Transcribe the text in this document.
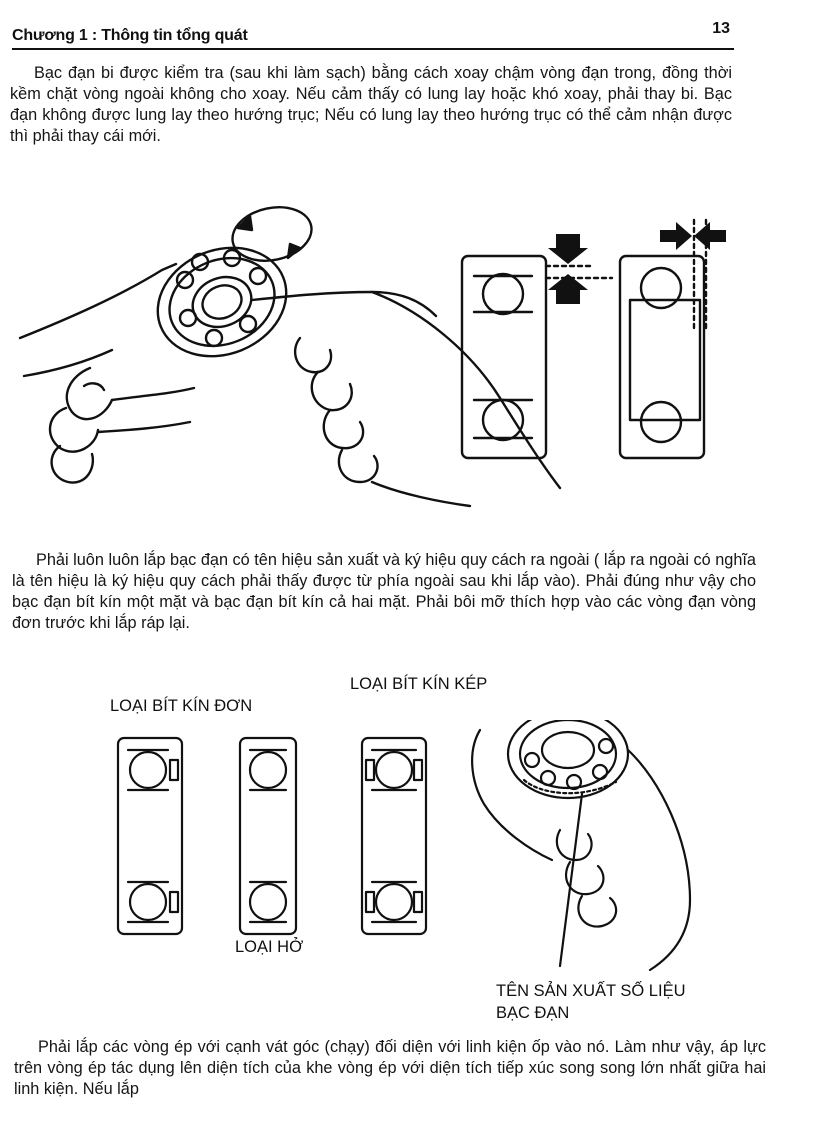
Chương 1 : Thông tin tổng quát	13

Bạc đạn bi được kiểm tra (sau khi làm sạch) bằng cách xoay chậm vòng đạn trong, đồng thời kềm chặt vòng ngoài không cho xoay. Nếu cảm thấy có lung lay hoặc khó xoay, phải thay bi. Bạc đạn không được lung lay theo hướng trục; Nếu có lung lay theo hướng trục có thể cảm nhận được thì phải thay cái mới.

Phải luôn luôn lắp bạc đạn có tên hiệu sản xuất và ký hiệu quy cách ra ngoài ( lắp ra ngoài có nghĩa là tên hiệu là ký hiệu quy cách phải thấy được từ phía ngoài sau khi lắp vào). Phải đúng như vậy cho bạc đạn bít kín một mặt và bạc đạn bít kín cả hai mặt. Phải bôi mỡ thích hợp vào các vòng đạn vòng đơn trước khi lắp ráp lại.

LOẠI BÍT KÍN ĐƠN

LOẠI BÍT KÍN KÉP

LOẠI HỞ

TÊN SẢN XUẤT SỐ LIỆU
BẠC ĐẠN

Phải lắp các vòng ép với cạnh vát góc (chạy) đối diện với linh kiện ốp vào nó. Làm như vậy, áp lực trên vòng ép tác dụng lên diện tích của khe vòng ép với diện tích tiếp xúc song song lớn nhất giữa hai linh kiện. Nếu lắp
